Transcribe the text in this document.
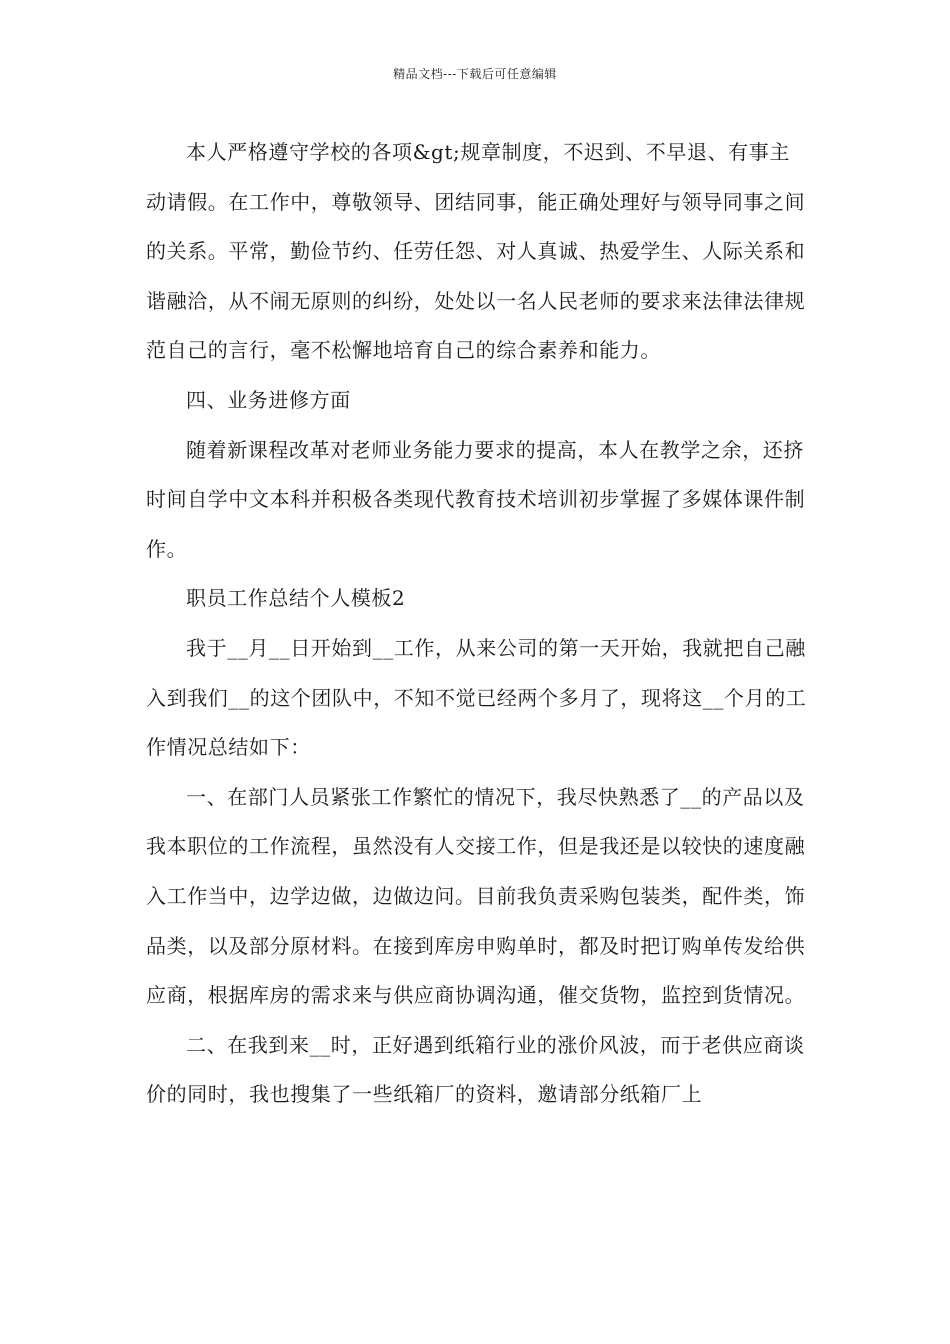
精品文档---下载后可任意编辑

本人严格遵守学校的各项&gt;规章制度，不迟到、不早退、有事主动请假。在工作中，尊敬领导、团结同事，能正确处理好与领导同事之间的关系。平常，勤俭节约、任劳任怨、对人真诚、热爱学生、人际关系和谐融洽，从不闹无原则的纠纷，处处以一名人民老师的要求来法律法律规范自己的言行，毫不松懈地培育自己的综合素养和能力。

四、业务进修方面

随着新课程改革对老师业务能力要求的提高，本人在教学之余，还挤时间自学中文本科并积极各类现代教育技术培训初步掌握了多媒体课件制作。

职员工作总结个人模板2

我于__月__日开始到__工作，从来公司的第一天开始，我就把自己融入到我们__的这个团队中，不知不觉已经两个多月了，现将这__个月的工作情况总结如下：

一、在部门人员紧张工作繁忙的情况下，我尽快熟悉了__的产品以及我本职位的工作流程，虽然没有人交接工作，但是我还是以较快的速度融入工作当中，边学边做，边做边问。目前我负责采购包装类，配件类，饰品类，以及部分原材料。在接到库房申购单时，都及时把订购单传发给供应商，根据库房的需求来与供应商协调沟通，催交货物，监控到货情况。

二、在我到来__时，正好遇到纸箱行业的涨价风波，而于老供应商谈价的同时，我也搜集了一些纸箱厂的资料，邀请部分纸箱厂上
